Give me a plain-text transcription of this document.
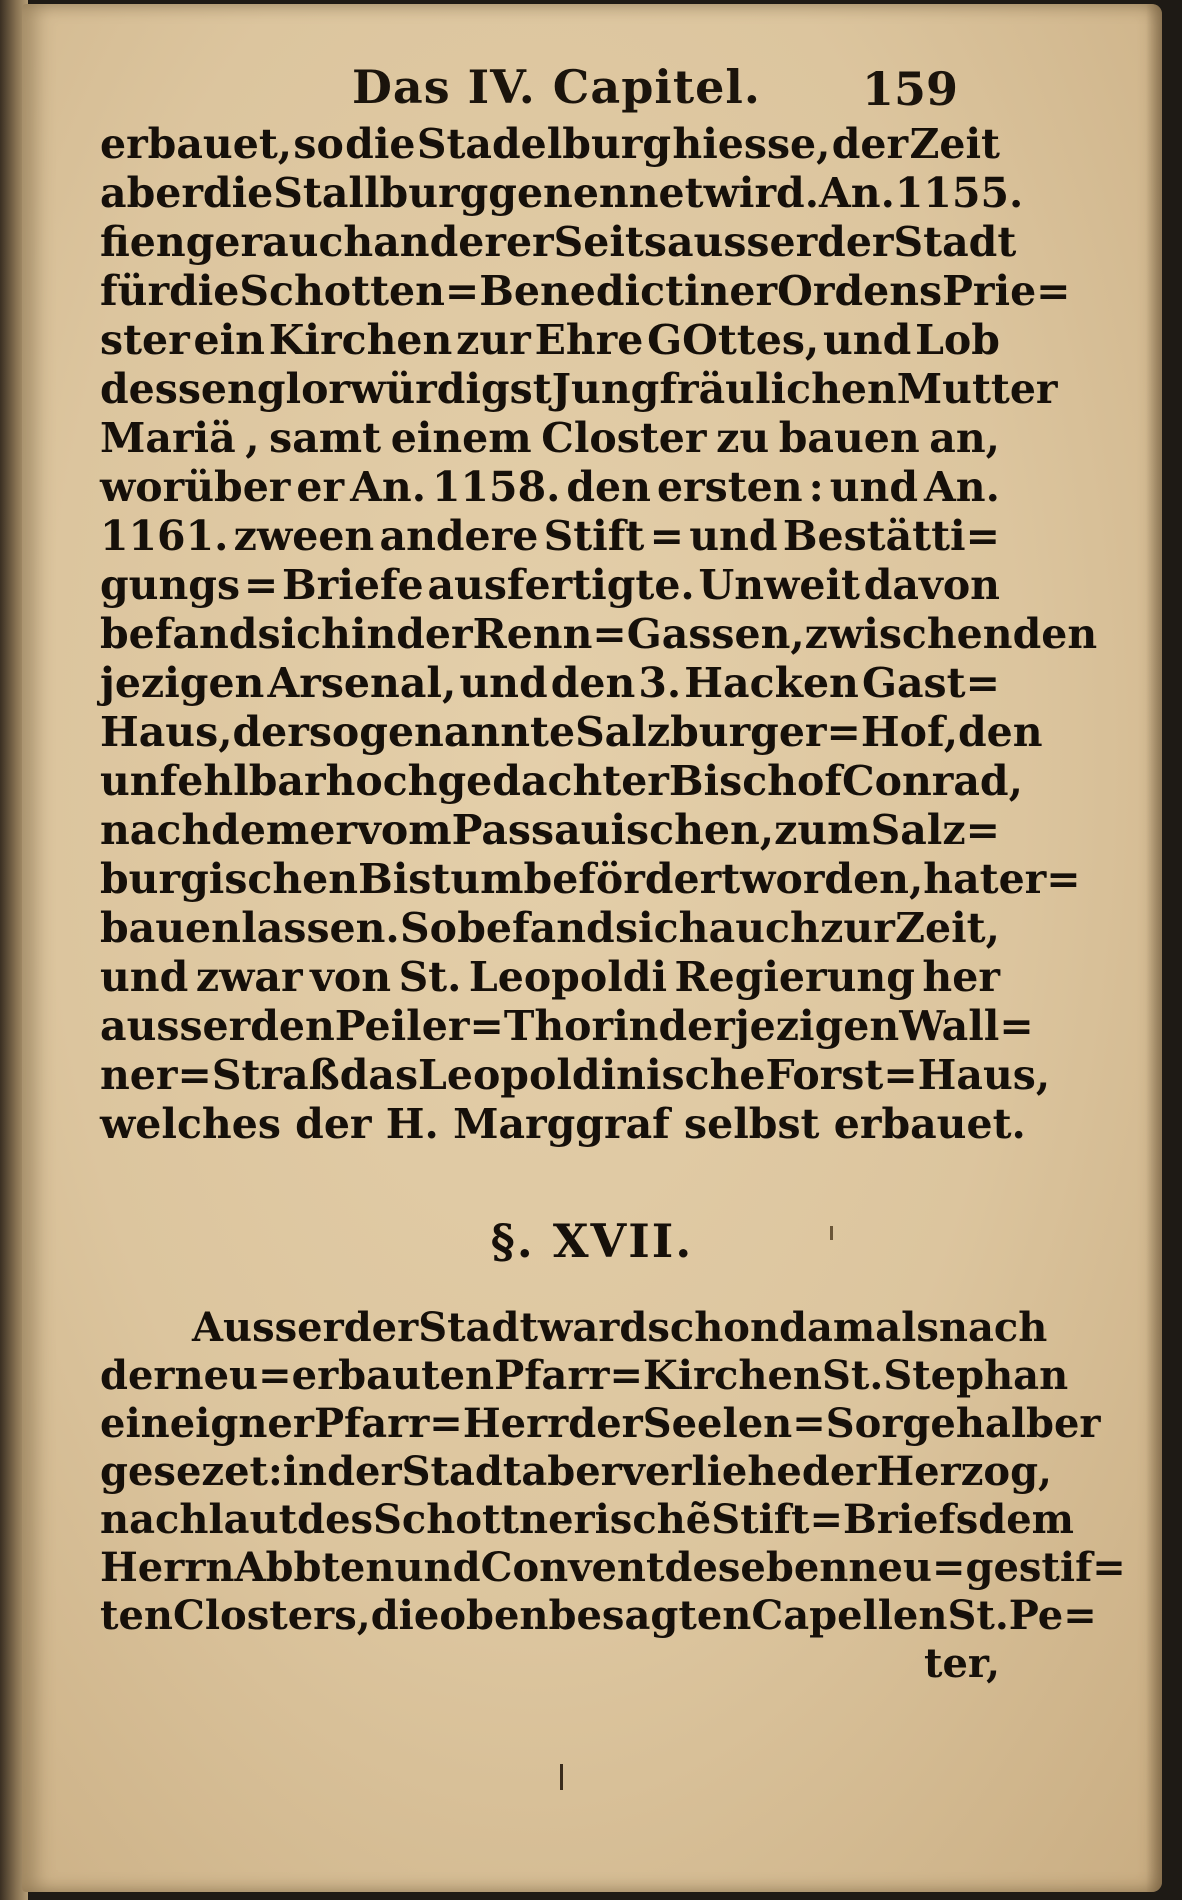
Das IV. Capitel. 159
erbauet, so die Stadelburg hiesse, der Zeit
aber die Stallburg genennet wird. An. 1155.
fieng er auch anderer Seits ausser der Stadt
für die Schotten=Benedictiner Ordens Prie=
ster ein Kirchen zur Ehre GOttes, und Lob
dessen glorwürdigst Jungfräulichen Mutter
Mariä , samt einem Closter zu bauen an,
worüber er An. 1158. den ersten : und An.
1161. zween andere Stift = und Bestätti=
gungs = Briefe ausfertigte. Unweit davon
befand sich in der Renn=Gassen, zwischen den
jezigen Arsenal, und den 3. Hacken Gast=
Haus, der so genannte Salzburger=Hof, den
unfehlbar hochgedachter Bischof Conrad,
nach dem er vom Passauischen , zum Salz=
burgischen Bistum befördert worden, hat er=
bauen lassen. So befand sich auch zur Zeit,
und zwar von St. Leopoldi Regierung her
ausser den Peiler = Thor in der jezigen Wall=
ner=Straß das Leopoldinische Forst = Haus,
welches der H. Marggraf selbst erbauet.
§. XVII.
Ausser der Stadt ward schon damals nach
der neu=erbauten Pfarr=Kirchen St. Stephan
ein eigner Pfarr=Herr der Seelen=Sorge halber
gesezet: in der Stadt aber verliehe der Herzog,
nach laut des Schottnerischẽ Stift=Briefs dem
Herrn Abbten und Convent des eben neu=gestif=
ten Closters, die oben besagten Capellen St. Pe=
ter,
